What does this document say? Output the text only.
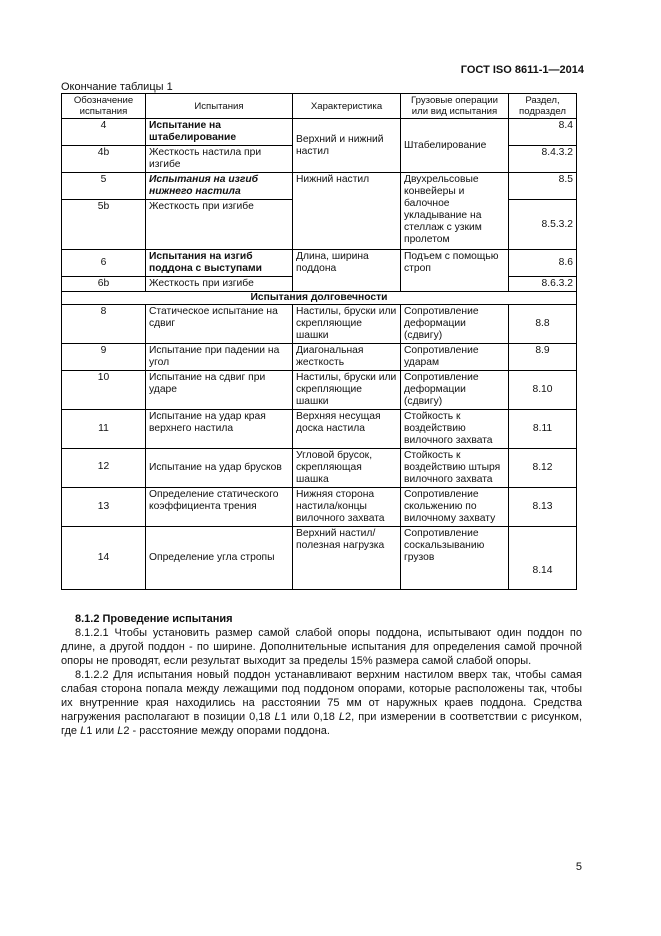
ГОСТ ISO 8611-1—2014
Окончание таблицы 1
Обозначение испытания	Испытания	Характеристика	Грузовые операции или вид испытания	Раздел, подраздел
4	Испытание на штабелирование	Верхний и нижний настил	Штабелирование	8.4
4b	Жесткость настила при изгибе			8.4.3.2
5	Испытания на изгиб нижнего настила	Нижний настил	Двухрельсовые конвейеры и балочное укладывание на стеллаж с узким пролетом	8.5
5b	Жесткость при изгибе			8.5.3.2
6	Испытания на изгиб поддона с выступами	Длина, ширина поддона	Подъем с помощью строп	8.6
6b	Жесткость при изгибе			8.6.3.2
Испытания долговечности				
8	Статическое испытание на сдвиг	Настилы, бруски или скрепляющие шашки	Сопротивление деформации (сдвигу)	8.8
9	Испытание при падении на угол	Диагональная жесткость	Сопротивление ударам	8.9
10	Испытание на сдвиг при ударе	Настилы, бруски или скрепляющие шашки	Сопротивление деформации (сдвигу)	8.10
11	Испытание на удар края верхнего настила	Верхняя несущая доска настила	Стойкость к воздействию вилочного захвата	8.11
12	Испытание на удар брусков	Угловой брусок, скрепляющая шашка	Стойкость к воздействию штыря вилочного захвата	8.12
13	Определение статического коэффициента трения	Нижняя сторона настила/концы вилочного захвата	Сопротивление скольжению по вилочному захвату	8.13
14	Определение угла стропы	Верхний настил/полезная нагрузка	Сопротивление соскальзыванию грузов	8.14

8.1.2 Проведение испытания

8.1.2.1 Чтобы установить размер самой слабой опоры поддона, испытывают один поддон по длине, а другой поддон - по ширине. Дополнительные испытания для определения самой прочной опоры не проводят, если результат выходит за пределы 15% размера самой слабой опоры.

8.1.2.2 Для испытания новый поддон устанавливают верхним настилом вверх так, чтобы самая слабая сторона попала между лежащими под поддоном опорами, которые расположены так, чтобы их внутренние края находились на расстоянии 75 мм от наружных краев поддона. Средства нагружения располагают в позиции 0,18 L1 или 0,18 L2, при измерении в соответствии с рисунком, где L1 или L2 - расстояние между опорами поддона.

5
